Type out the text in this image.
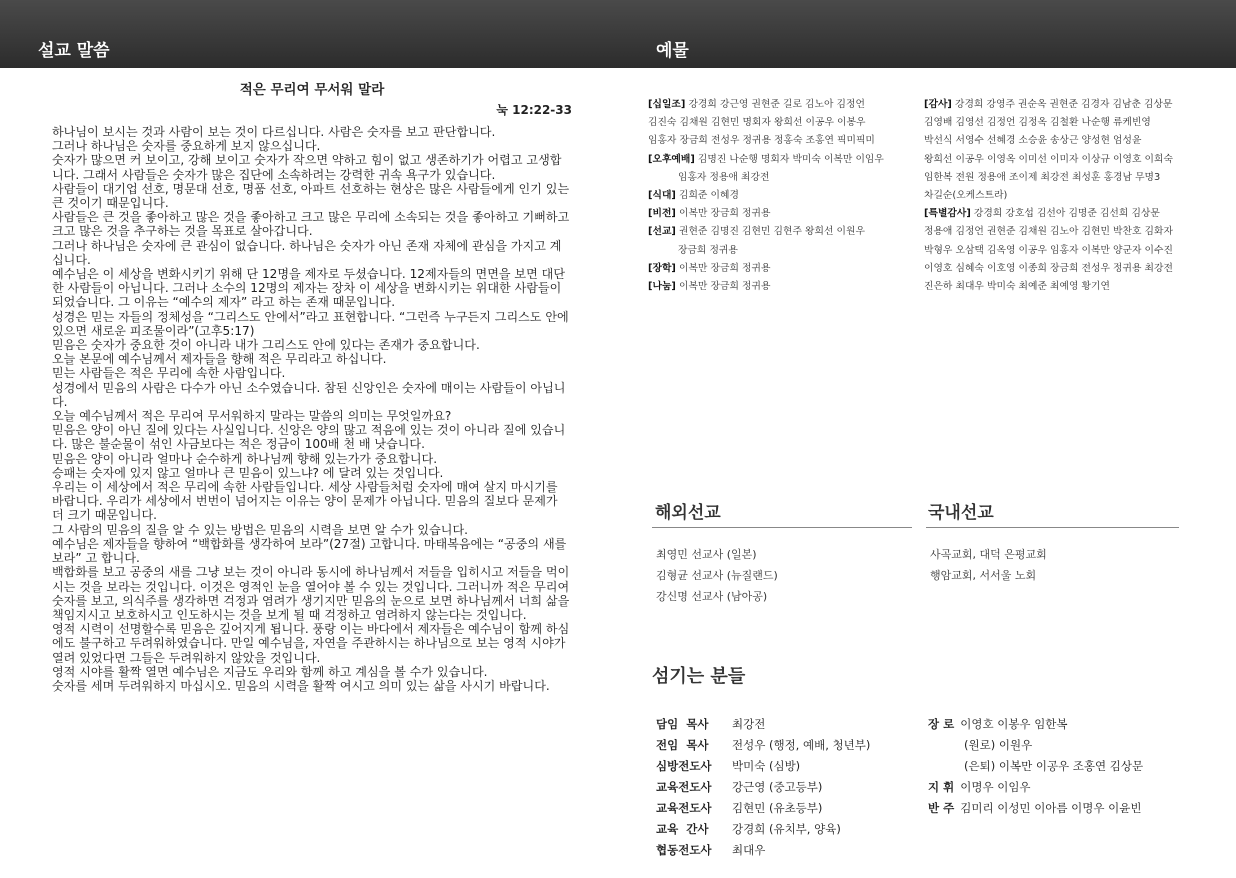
설교 말씀	예물
적은 무리여 무서워 말라
눅 12:22-33

하나님이 보시는 것과 사람이 보는 것이 다르십니다. 사람은 숫자를 보고 판단합니다.

그러나 하나님은 숫자를 중요하게 보지 않으십니다.

숫자가 많으면 커 보이고, 강해 보이고 숫자가 작으면 약하고 힘이 없고 생존하기가 어렵고 고생합니다. 그래서 사람들은 숫자가 많은 집단에 소속하려는 강력한 귀속 욕구가 있습니다.

사람들이 대기업 선호, 명문대 선호, 명품 선호, 아파트 선호하는 현상은 많은 사람들에게 인기 있는 큰 것이기 때문입니다.

사람들은 큰 것을 좋아하고 많은 것을 좋아하고 크고 많은 무리에 소속되는 것을 좋아하고 기뻐하고 크고 많은 것을 추구하는 것을 목표로 살아갑니다.

그러나 하나님은 숫자에 큰 관심이 없습니다. 하나님은 숫자가 아닌 존재 자체에 관심을 가지고 계십니다.

예수님은 이 세상을 변화시키기 위해 단 12명을 제자로 두셨습니다. 12제자들의 면면을 보면 대단한 사람들이 아닙니다. 그러나 소수의 12명의 제자는 장차 이 세상을 변화시키는 위대한 사람들이 되었습니다. 그 이유는 “예수의 제자” 라고 하는 존재 때문입니다.

성경은 믿는 자들의 정체성을 “그리스도 안에서”라고 표현합니다. “그런즉 누구든지 그리스도 안에 있으면 새로운 피조물이라”(고후5:17)

믿음은 숫자가 중요한 것이 아니라 내가 그리스도 안에 있다는 존재가 중요합니다.

오늘 본문에 예수님께서 제자들을 향해 적은 무리라고 하십니다.

믿는 사람들은 적은 무리에 속한 사람입니다.

성경에서 믿음의 사람은 다수가 아닌 소수였습니다. 참된 신앙인은 숫자에 매이는 사람들이 아닙니다.

오늘 예수님께서 적은 무리여 무서워하지 말라는 말씀의 의미는 무엇일까요?

믿음은 양이 아닌 질에 있다는 사실입니다. 신앙은 양의 많고 적음에 있는 것이 아니라 질에 있습니다. 많은 불순물이 섞인 사금보다는 적은 정금이 100배 천 배 낫습니다.

믿음은 양이 아니라 얼마나 순수하게 하나님께 향해 있는가가 중요합니다.

승패는 숫자에 있지 않고 얼마나 큰 믿음이 있느냐? 에 달려 있는 것입니다.

우리는 이 세상에서 적은 무리에 속한 사람들입니다. 세상 사람들처럼 숫자에 매여 살지 마시기를 바랍니다. 우리가 세상에서 번번이 넘어지는 이유는 양이 문제가 아닙니다. 믿음의 질보다 문제가 더 크기 때문입니다.

그 사람의 믿음의 질을 알 수 있는 방법은 믿음의 시력을 보면 알 수가 있습니다.

예수님은 제자들을 향하여 “백합화를 생각하여 보라”(27절) 고합니다. 마태복음에는 “공중의 새를 보라” 고 합니다.

백합화를 보고 공중의 새를 그냥 보는 것이 아니라 동시에 하나님께서 저들을 입히시고 저들을 먹이시는 것을 보라는 것입니다. 이것은 영적인 눈을 열어야 볼 수 있는 것입니다. 그러니까 적은 무리여 숫자를 보고, 의식주를 생각하면 걱정과 염려가 생기지만 믿음의 눈으로 보면 하나님께서 너희 삶을 책임지시고 보호하시고 인도하시는 것을 보게 될 때 걱정하고 염려하지 않는다는 것입니다.

영적 시력이 선명할수록 믿음은 깊어지게 됩니다. 풍랑 이는 바다에서 제자들은 예수님이 함께 하심에도 불구하고 두려워하였습니다. 만일 예수님을, 자연을 주관하시는 하나님으로 보는 영적 시야가 열려 있었다면 그들은 두려워하지 않았을 것입니다.

영적 시야를 활짝 열면 예수님은 지금도 우리와 함께 하고 계심을 볼 수가 있습니다.

숫자를 세며 두려워하지 마십시오. 믿음의 시력을 활짝 여시고 의미 있는 삶을 사시기 바랍니다.

[십일조] 강경희 강근영 권현준 길로 김노아 김정언
김진숙 김채원 김현민 명회자 왕희선 이공우 이봉우
임홍자 장금희 전성우 정귀용 정홍숙 조홍연 픽미픽미
[오후예배] 김명진 나순행 명회자 박미숙 이복만 이임우
임홍자 정용애 최강전
[식대] 김희준 이혜경
[비전] 이복만 장금희 정귀용
[선교] 권현준 김명진 김현민 김현주 왕희선 이원우
장금희 정귀용
[장학] 이복만 장금희 정귀용
[나눔] 이복만 장금희 정귀용
[감사] 강경희 강영주 권순옥 권현준 김경자 김남춘 김상문
김영배 김영선 김정언 김정옥 김철환 나순행 류케빈영
박선식 서영수 선혜경 소승윤 송상근 양성현 엄성윤
왕희선 이공우 이영옥 이미선 이미자 이상규 이영호 이희숙
임한복 전원 정용애 조이제 최강전 최성훈 홍경남 무명3
차길순(오케스트라)
[특별감사] 강경희 강호섭 김선아 김명준 김선희 김상문
정용애 김정언 권현준 김채원 김노아 김현민 박찬호 김화자
박형우 오삼택 김옥영 이공우 임홍자 이복만 양군자 이수진
이영호 심혜숙 이호영 이종희 장금희 전성우 정귀용 최강전
진은하 최대우 박미숙 최예준 최예영 황기연
해외선교
최영민 선교사 (일본)
김형균 선교사 (뉴질랜드)
강신명 선교사 (남아공)
국내선교
사곡교회, 대덕 은평교회
행암교회, 서서울 노회
섬기는 분들
담임  목사 최강전
전임  목사 전성우 (행정, 예배, 청년부)
심방전도사 박미숙 (심방)
교육전도사 강근영 (중고등부)
교육전도사 김현민 (유초등부)
교육  간사 강경희 (유치부, 양육)
협동전도사 최대우
장 로 이영호 이봉우 임한복
(원로) 이원우
(은퇴) 이복만 이공우 조홍연 김상문
지 휘 이명우 이임우
반 주 김미리 이성민 이아름 이명우 이윤빈
